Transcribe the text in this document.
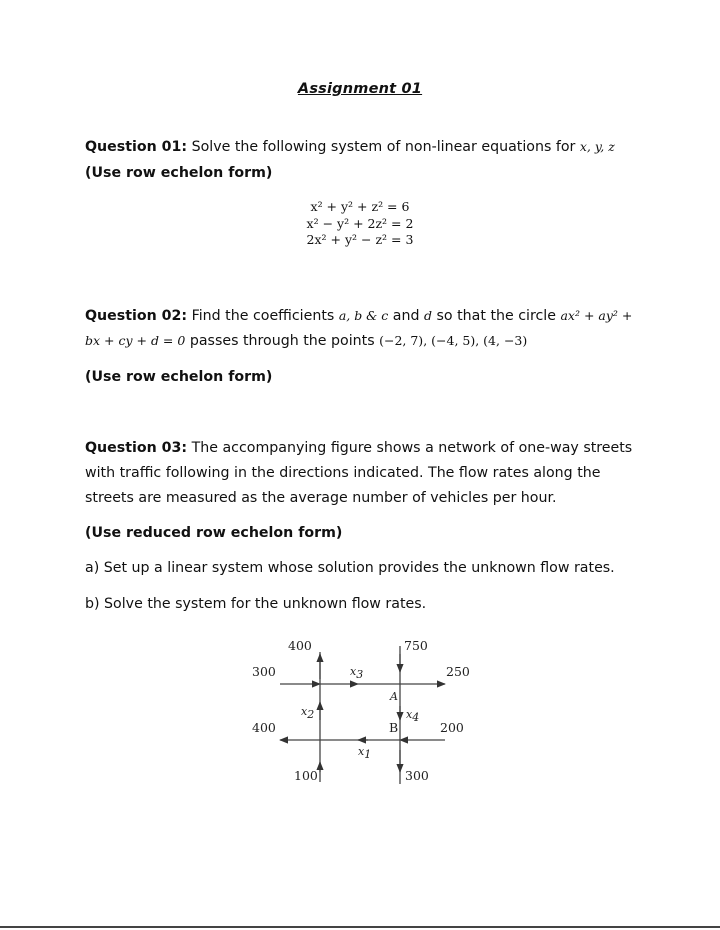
Assignment 01
Question 01: Solve the following system of non-linear equations for x, y, z
(Use row echelon form)
x² + y² + z² = 6
x² − y² + 2z² = 2
2x² + y² − z² = 3
Question 02: Find the coefficients a, b & c and d so that the circle ax² + ay² +
bx + cy + d = 0 passes through the points (−2, 7), (−4, 5), (4, −3)
(Use row echelon form)
Question 03: The accompanying figure shows a network of one-way streets
with traffic following in the directions indicated. The flow rates along the
streets are measured as the average number of vehicles per hour.
(Use reduced row echelon form)
a) Set up a linear system whose solution provides the unknown flow rates.
b) Solve the system for the unknown flow rates.
400	750
300	250
400	200
100	300
A
B
x3
x2	x4
x1
